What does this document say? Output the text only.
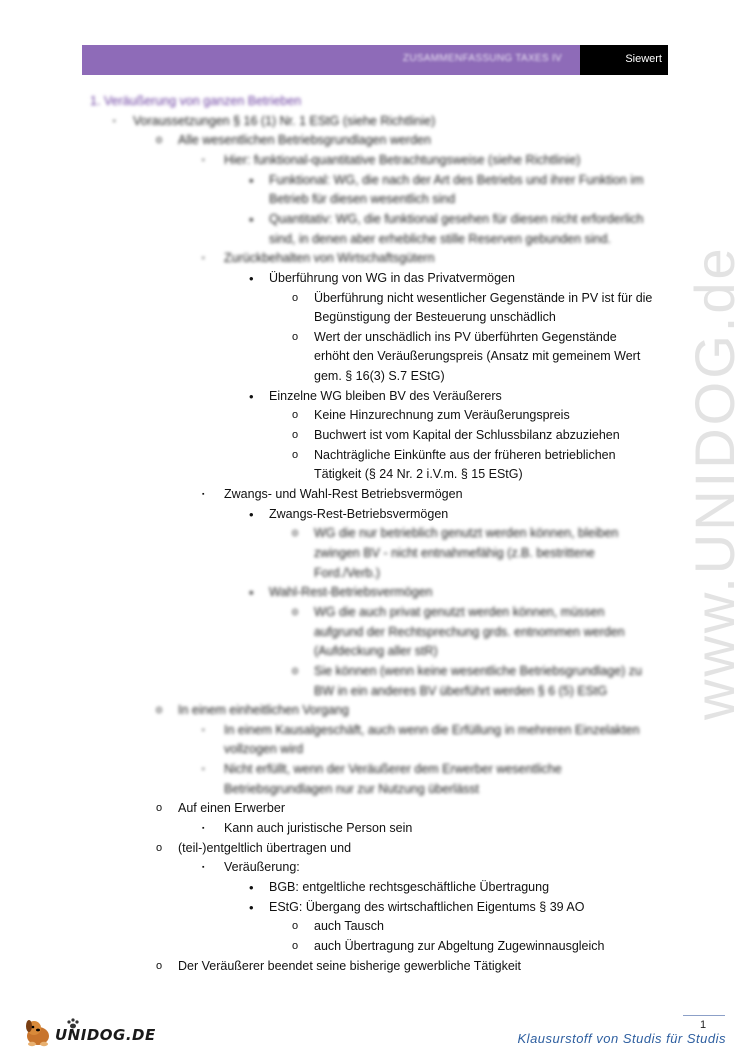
ZUSAMMENFASSUNG TAXES IV	Siewert
1. Veräußerung von ganzen Betrieben
▪ Voraussetzungen § 16 (1) Nr. 1 EStG (siehe Richtlinie)
o Alle wesentlichen Betriebsgrundlagen werden
▪ Hier: funktional-quantitative Betrachtungsweise (siehe Richtlinie)
• Funktional: WG, die nach der Art des Betriebs und ihrer Funktion im
Betrieb für diesen wesentlich sind
• Quantitativ: WG, die funktional gesehen für diesen nicht erforderlich
sind, in denen aber erhebliche stille Reserven gebunden sind.
▪ Zurückbehalten von Wirtschaftsgütern
• Überführung von WG in das Privatvermögen
o Überführung nicht wesentlicher Gegenstände in PV ist für die
Begünstigung der Besteuerung unschädlich
o Wert der unschädlich ins PV überführten Gegenstände
erhöht den Veräußerungspreis (Ansatz mit gemeinem Wert
gem. § 16(3) S.7 EStG)
• Einzelne WG bleiben BV des Veräußerers
o Keine Hinzurechnung zum Veräußerungspreis
o Buchwert ist vom Kapital der Schlussbilanz abzuziehen
o Nachträgliche Einkünfte aus der früheren betrieblichen
Tätigkeit (§ 24 Nr. 2 i.V.m. § 15 EStG)
▪ Zwangs- und Wahl-Rest Betriebsvermögen
• Zwangs-Rest-Betriebsvermögen
o WG die nur betrieblich genutzt werden können, bleiben
zwingen BV - nicht entnahmefähig (z.B. bestrittene
Ford./Verb.)
• Wahl-Rest-Betriebsvermögen
o WG die auch privat genutzt werden können, müssen
aufgrund der Rechtsprechung grds. entnommen werden
(Aufdeckung aller stR)
o Sie können (wenn keine wesentliche Betriebsgrundlage) zu
BW in ein anderes BV überführt werden § 6 (5) EStG
o In einem einheitlichen Vorgang
▪ In einem Kausalgeschäft, auch wenn die Erfüllung in mehreren Einzelakten
vollzogen wird
▪ Nicht erfüllt, wenn der Veräußerer dem Erwerber wesentliche
Betriebsgrundlagen nur zur Nutzung überlässt
o Auf einen Erwerber
▪ Kann auch juristische Person sein
o (teil-)entgeltlich übertragen und
▪ Veräußerung:
• BGB: entgeltliche rechtsgeschäftliche Übertragung
• EStG: Übergang des wirtschaftlichen Eigentums § 39 AO
o auch Tausch
o auch Übertragung zur Abgeltung Zugewinnausgleich
o Der Veräußerer beendet seine bisherige gewerbliche Tätigkeit
www.UNIDOG.de
1
UNIDOG.DE	Klausurstoff von Studis für Studis
